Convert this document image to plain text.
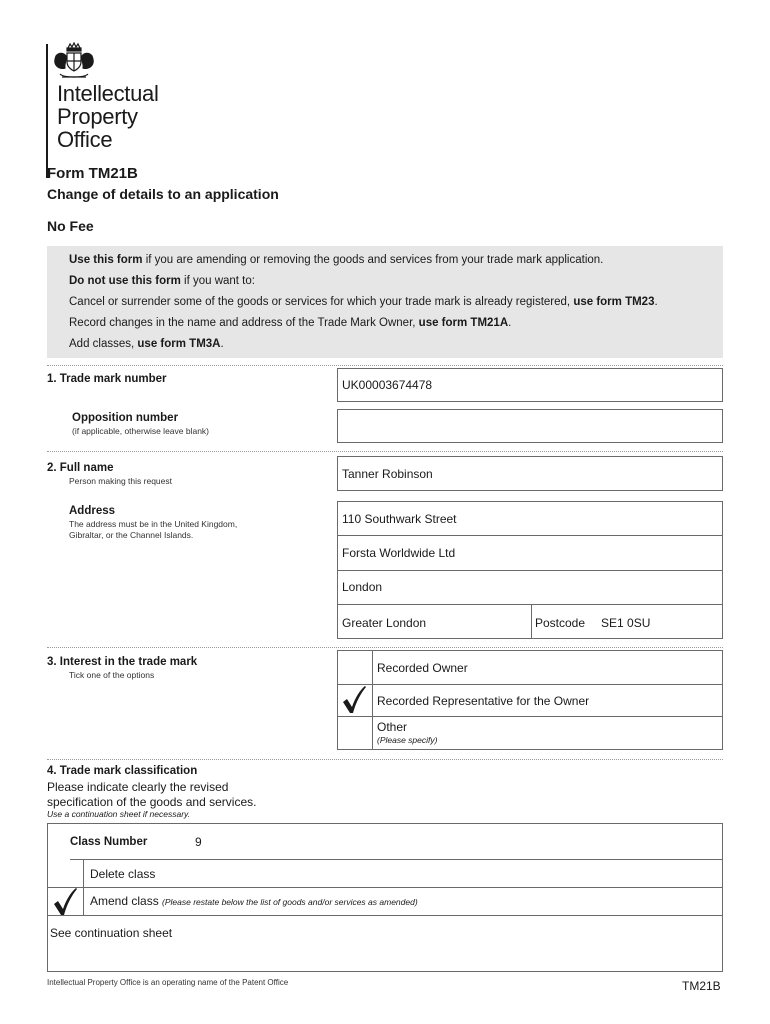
Intellectual
Property
Office
Form TM21B
Change of details to an application
No Fee
Use this form if you are amending or removing the goods and services from your trade mark application.
Do not use this form if you want to:
Cancel or surrender some of the goods or services for which your trade mark is already registered, use form TM23.
Record changes in the name and address of the Trade Mark Owner, use form TM21A.
Add classes, use form TM3A.
1. Trade mark number	UK00003674478
Opposition number
(if applicable, otherwise leave blank)
2. Full name
Person making this request	Tanner Robinson
Address
The address must be in the United Kingdom,
Gibraltar, or the Channel Islands.
110 Southwark Street
Forsta Worldwide Ltd
London
Greater London	Postcode SE1 0SU
3. Interest in the trade mark
Tick one of the options	Recorded Owner
Recorded Representative for the Owner
Other
(Please specify)
4. Trade mark classification
Please indicate clearly the revised
specification of the goods and services.
Use a continuation sheet if necessary.
Class Number	9
Delete class
Amend class (Please restate below the list of goods and/or services as amended)
See continuation sheet
Intellectual Property Office is an operating name of the Patent Office	TM21B
